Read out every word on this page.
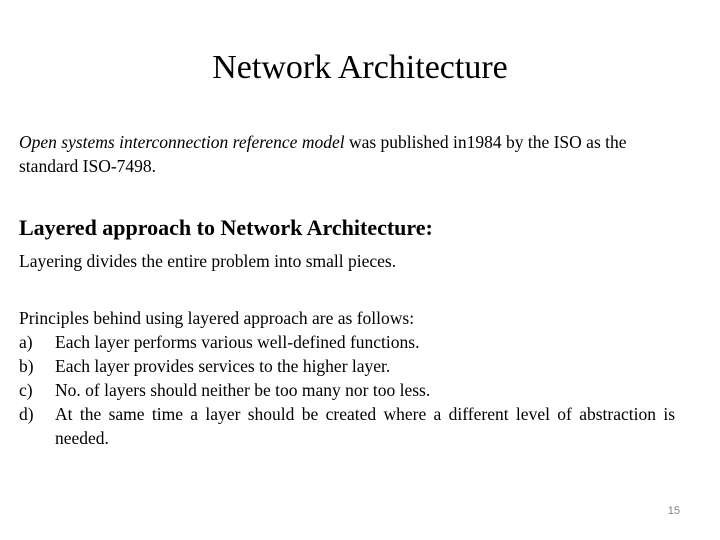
Network Architecture
Open systems interconnection reference model was published in1984 by the ISO as the standard ISO-7498.
Layered approach to Network Architecture:
Layering divides the entire problem into small pieces.
Principles behind using layered approach are as follows:
a) Each layer performs various well-defined functions.
b) Each layer provides services to the higher layer.
c) No. of layers should neither be too many nor too less.
d) At the same time a layer should be created where a different level of abstraction is needed.
15
